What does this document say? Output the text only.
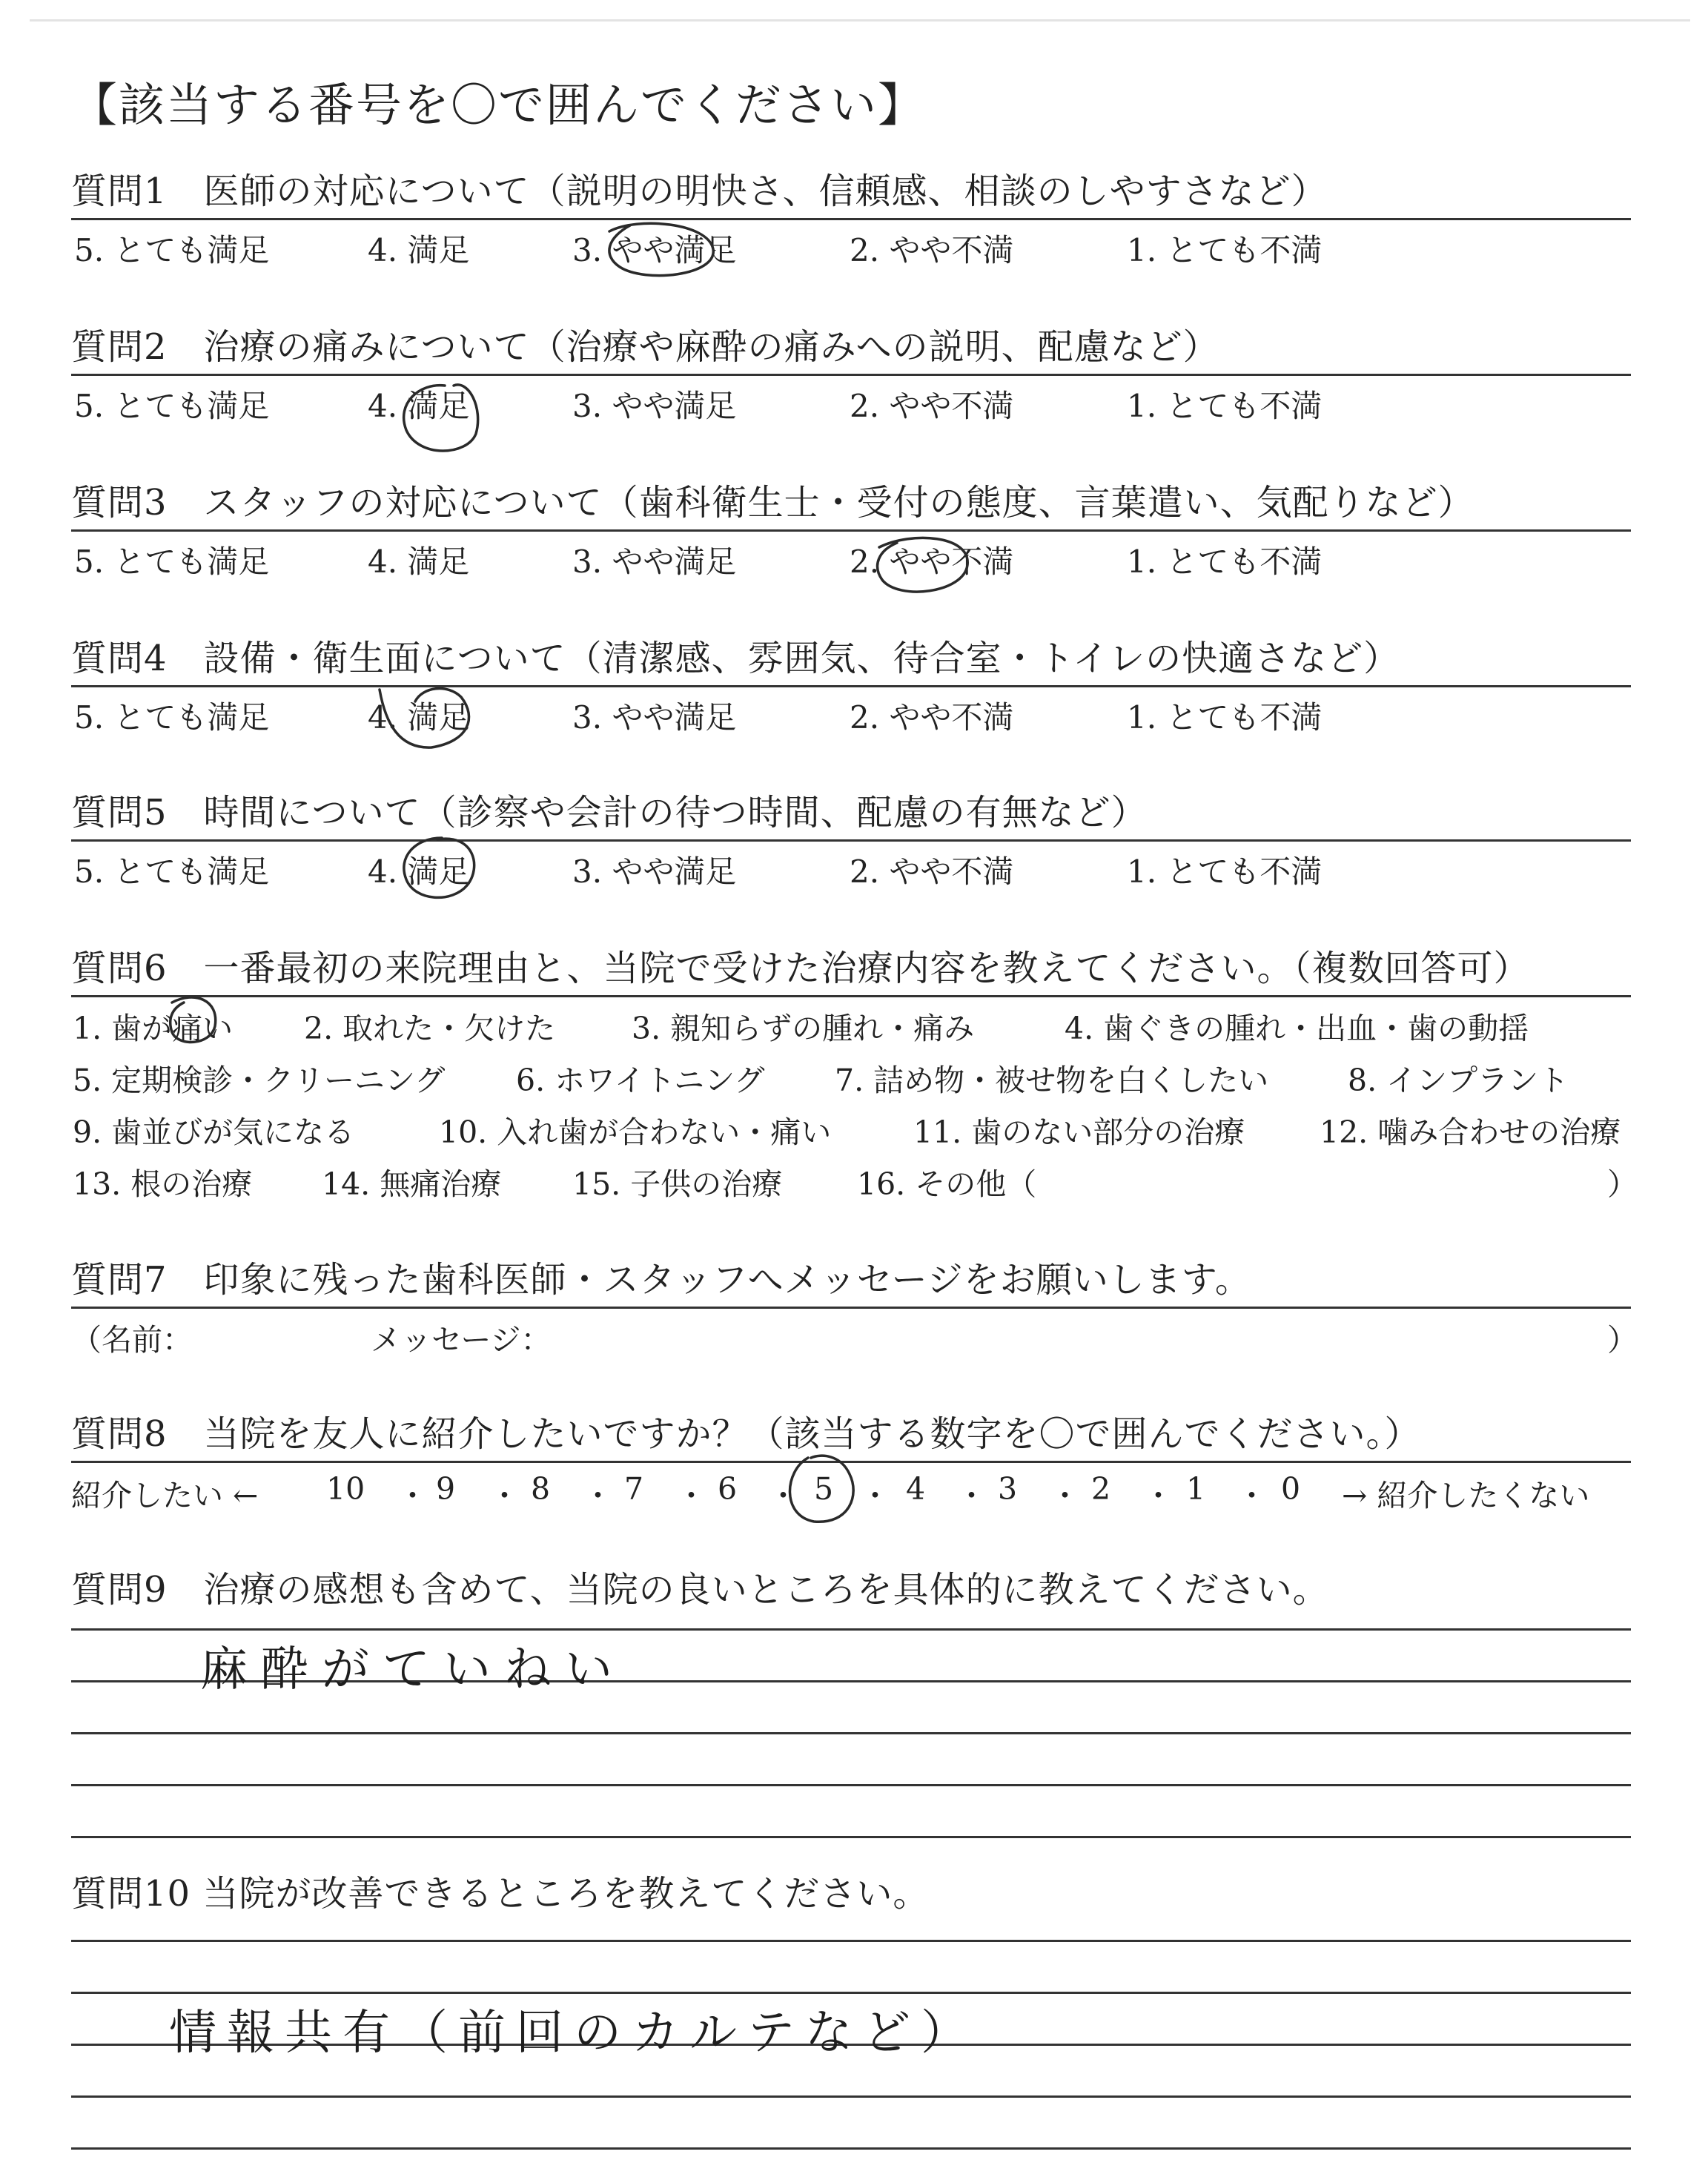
【該当する番号を〇で囲んでください】
質問1　医師の対応について（説明の明快さ、信頼感、相談のしやすさなど）
5. とても満足	4. 満足	3. やや満足	2. やや不満	1. とても不満
質問2　治療の痛みについて（治療や麻酔の痛みへの説明、配慮など）
5. とても満足	4. 満足	3. やや満足	2. やや不満	1. とても不満
質問3　スタッフの対応について（歯科衛生士・受付の態度、言葉遣い、気配りなど）
5. とても満足	4. 満足	3. やや満足	2. やや不満	1. とても不満
質問4　設備・衛生面について（清潔感、雰囲気、待合室・トイレの快適さなど）
5. とても満足	4. 満足	3. やや満足	2. やや不満	1. とても不満
質問5　時間について（診察や会計の待つ時間、配慮の有無など）
5. とても満足	4. 満足	3. やや満足	2. やや不満	1. とても不満
質問6　一番最初の来院理由と、当院で受けた治療内容を教えてください。（複数回答可）
1. 歯が痛い 2. 取れた・欠けた	3. 親知らずの腫れ・痛み	4. 歯ぐきの腫れ・出血・歯の動揺
5. 定期検診・クリーニング 6. ホワイトニング 7. 詰め物・被せ物を白くしたい	8. インプラント
9. 歯並びが気になる	10. 入れ歯が合わない・痛い	11. 歯のない部分の治療 12. 噛み合わせの治療
13. 根の治療 14. 無痛治療 15. 子供の治療 16. その他（	）
質問7　印象に残った歯科医師・スタッフへメッセージをお願いします。
（名前：	メッセージ：	）
質問8　当院を友人に紹介したいですか？（該当する数字を〇で囲んでください。）
紹介したい ← 10 ・ 9 ・ 8 ・ 7 ・ 6 ・ 5 ・ 4 ・ 3 ・ 2 ・ 1 ・ 0 → 紹介したくない
質問9　治療の感想も含めて、当院の良いところを具体的に教えてください。
麻酔がていねい
質問10 当院が改善できるところを教えてください。
情報共有（前回のカルテなど）
